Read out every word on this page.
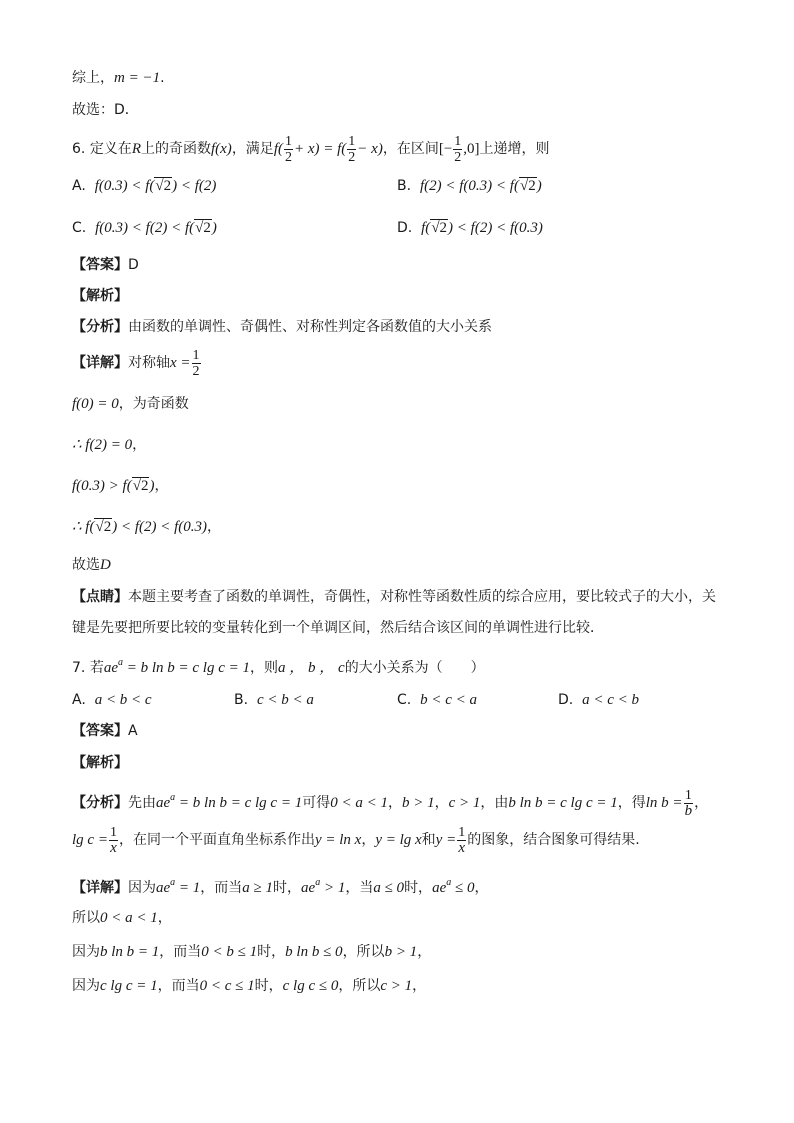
综上，m = −1.
故选：D．
6. 定义在R上的奇函数f(x)，满足$f( \frac{1}{2} + x) = f( \frac{1}{2} - x)$，在区间[− $\frac{1}{2} ,0$]上递增，则
A. f(0.3) < f(√2) < f(2)	B. f(2) < f(0.3) < f(√2)
C. f(0.3) < f(2) < f(√2)	D. f(√2) < f(2) < f(0.3)
【答案】D
【解析】
【分析】由函数的单调性、奇偶性、对称性判定各函数值的大小关系
【详解】对称轴$x = \frac{1}{2}$
f(0) = 0，为奇函数
∴ f(2) = 0，
f(0.3) > f(√2)，
∴ f(√2) < f(2) < f(0.3)，
故选D
【点睛】本题主要考查了函数的单调性，奇偶性，对称性等函数性质的综合应用，要比较式子的大小，关
键是先要把所要比较的变量转化到一个单调区间，然后结合该区间的单调性进行比较．
7. 若$ae^a = b$ ln b = c lg c = 1，则a ， b ， c的大小关系为（　　）
A. a < b < c	B. c < b < a	C. b < c < a	D. a < c < b
【答案】A
【解析】
【分析】先由$ae^a = b$ ln b = c lg c = 1可得0 < a < 1，b > 1，c > 1，由b ln b = c lg c = 1，得$\ln b = \frac{1}{b}$ ，
$\lg c = \frac{1}{x}$ ，在同一个平面直角坐标系作出y = ln x，y = lg x和$y = \frac{1}{x}$ 的图象，结合图象可得结果.
【详解】因为$ae^a = 1$，而当a ≥ 1时，$ae^a > 1$，当a ≤ 0时，$ae^a \le 0$，
所以0 < a < 1，
因为b ln b = 1，而当0 < b ≤ 1时，b ln b ≤ 0，所以b > 1，
因为c lg c = 1，而当0 < c ≤ 1时，c lg c ≤ 0，所以c > 1，
